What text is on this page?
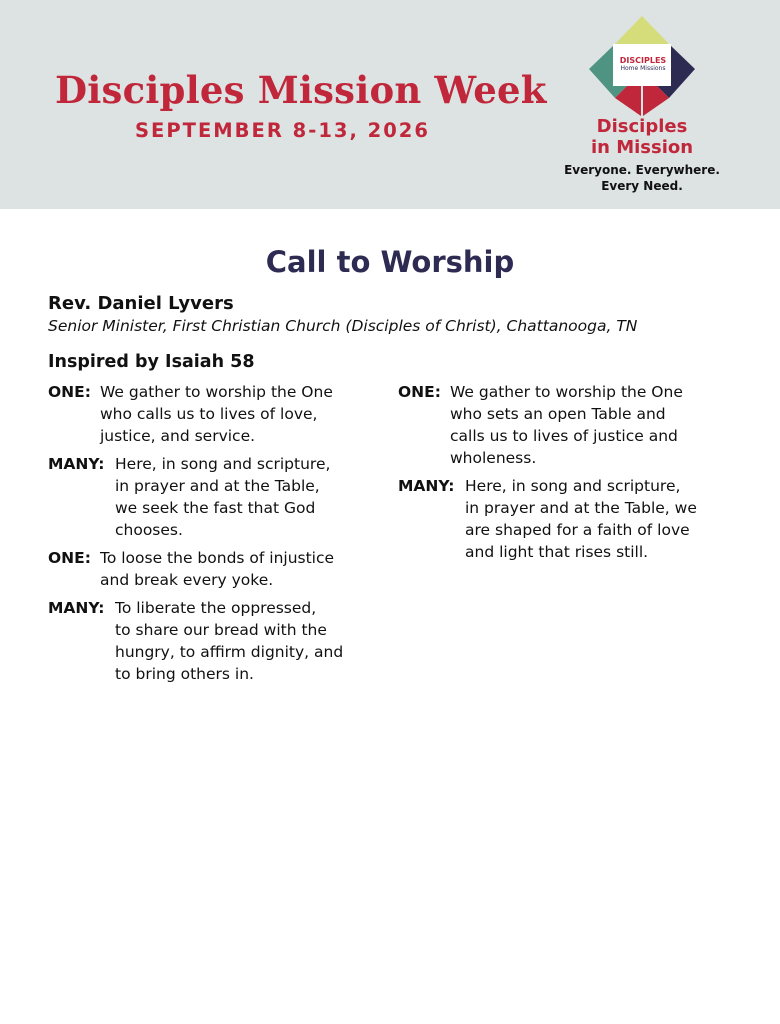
Disciples Mission Week
SEPTEMBER 8-13, 2026
DISCIPLES
Home Missions
Disciples
in Mission
Everyone. Everywhere.
Every Need.
Call to Worship
Rev. Daniel Lyvers
Senior Minister, First Christian Church (Disciples of Christ), Chattanooga, TN
Inspired by Isaiah 58
ONE: We gather to worship the One
who calls us to lives of love,
justice, and service.
MANY: Here, in song and scripture,
in prayer and at the Table,
we seek the fast that God
chooses.
ONE: To loose the bonds of injustice
and break every yoke.
MANY: To liberate the oppressed,
to share our bread with the
hungry, to affirm dignity, and
to bring others in.
ONE: We gather to worship the One
who sets an open Table and
calls us to lives of justice and
wholeness.
MANY: Here, in song and scripture,
in prayer and at the Table, we
are shaped for a faith of love
and light that rises still.
